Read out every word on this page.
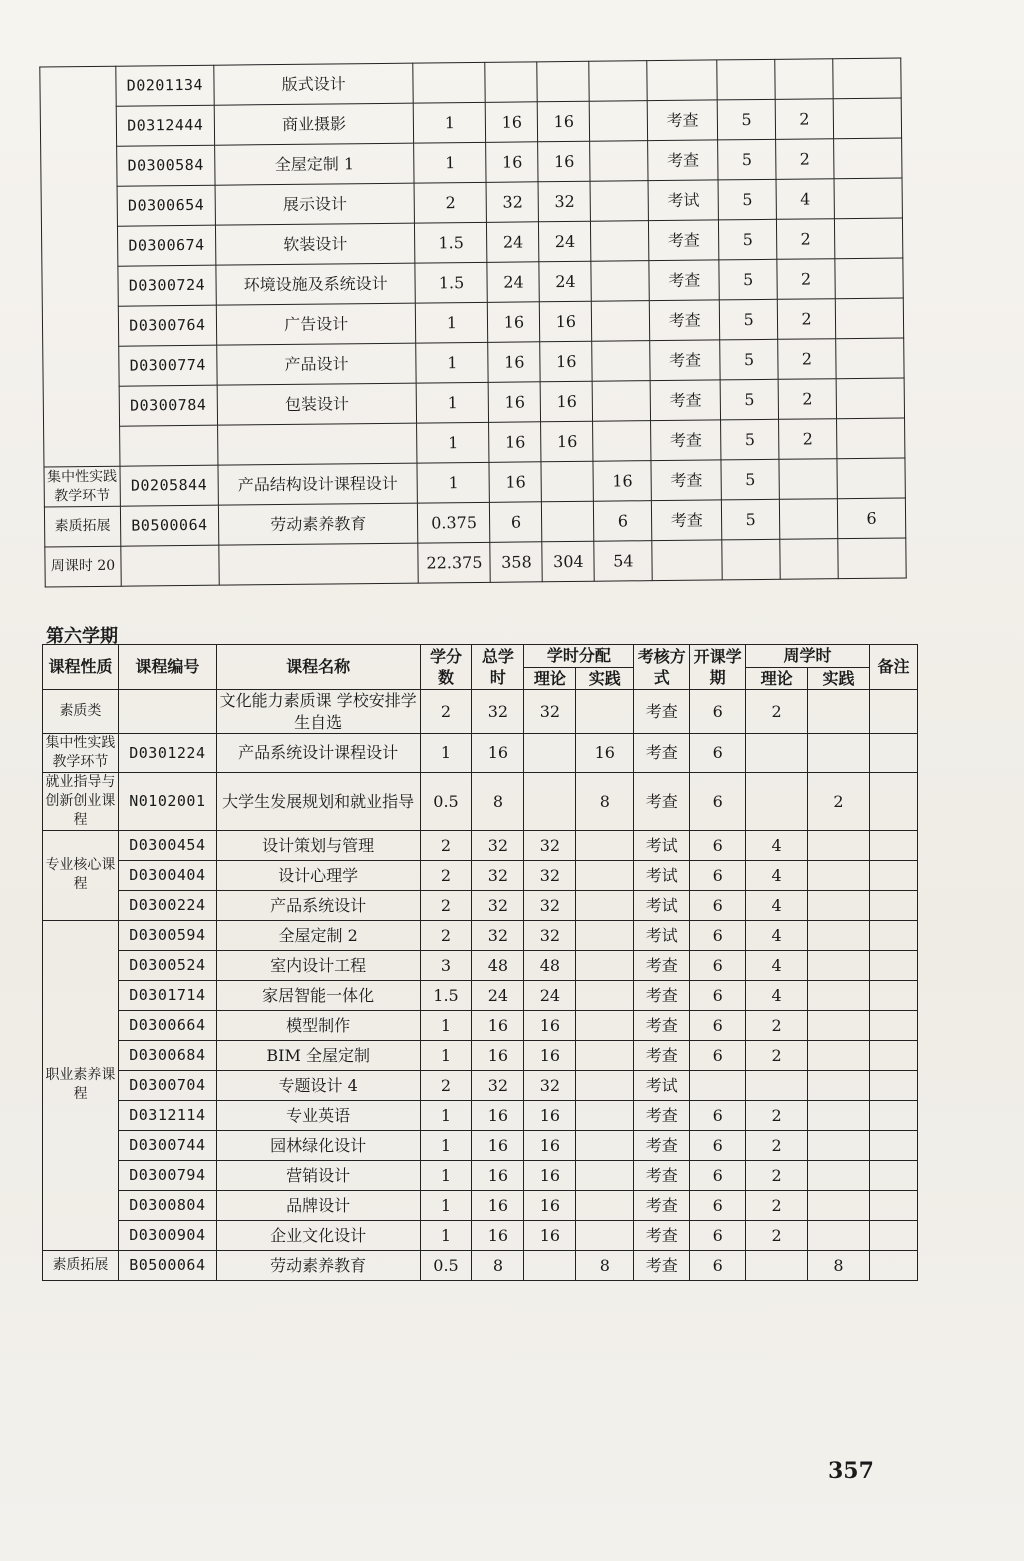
	D0201134	版式设计								
	D0312444	商业摄影	1	16	16		考查	5	2	
	D0300584	全屋定制 1	1	16	16		考查	5	2	
	D0300654	展示设计	2	32	32		考试	5	4	
	D0300674	软装设计	1.5	24	24		考查	5	2	
	D0300724	环境设施及系统设计	1.5	24	24		考查	5	2	
	D0300764	广告设计	1	16	16		考查	5	2	
	D0300774	产品设计	1	16	16		考查	5	2	
	D0300784	包装设计	1	16	16		考查	5	2	
			1	16	16		考查	5	2	
集中性实践教学环节	D0205844	产品结构设计课程设计	1	16		16	考查	5		
素质拓展	B0500064	劳动素养教育	0.375	6		6	考查	5		6
周课时 20			22.375	358	304	54				
第六学期
课程性质	课程编号	课程名称	学分数	总学时	学时分配		考核方式	开课学期	周学时		备注
					理论	实践			理论	实践	
素质类		文化能力素质课 学校安排学生自选	2	32	32		考查	6	2		
集中性实践教学环节	D0301224	产品系统设计课程设计	1	16		16	考查	6			
就业指导与创新创业课程	N0102001	大学生发展规划和就业指导	0.5	8		8	考查	6		2	
专业核心课程	D0300454	设计策划与管理	2	32	32		考试	6	4		
	D0300404	设计心理学	2	32	32		考试	6	4		
	D0300224	产品系统设计	2	32	32		考试	6	4		
职业素养课程	D0300594	全屋定制 2	2	32	32		考试	6	4		
	D0300524	室内设计工程	3	48	48		考查	6	4		
	D0301714	家居智能一体化	1.5	24	24		考查	6	4		
	D0300664	模型制作	1	16	16		考查	6	2		
	D0300684	BIM 全屋定制	1	16	16		考查	6	2		
	D0300704	专题设计 4	2	32	32		考试				
	D0312114	专业英语	1	16	16		考查	6	2		
	D0300744	园林绿化设计	1	16	16		考查	6	2		
	D0300794	营销设计	1	16	16		考查	6	2		
	D0300804	品牌设计	1	16	16		考查	6	2		
	D0300904	企业文化设计	1	16	16		考查	6	2		
素质拓展	B0500064	劳动素养教育	0.5	8		8	考查	6		8	
357
